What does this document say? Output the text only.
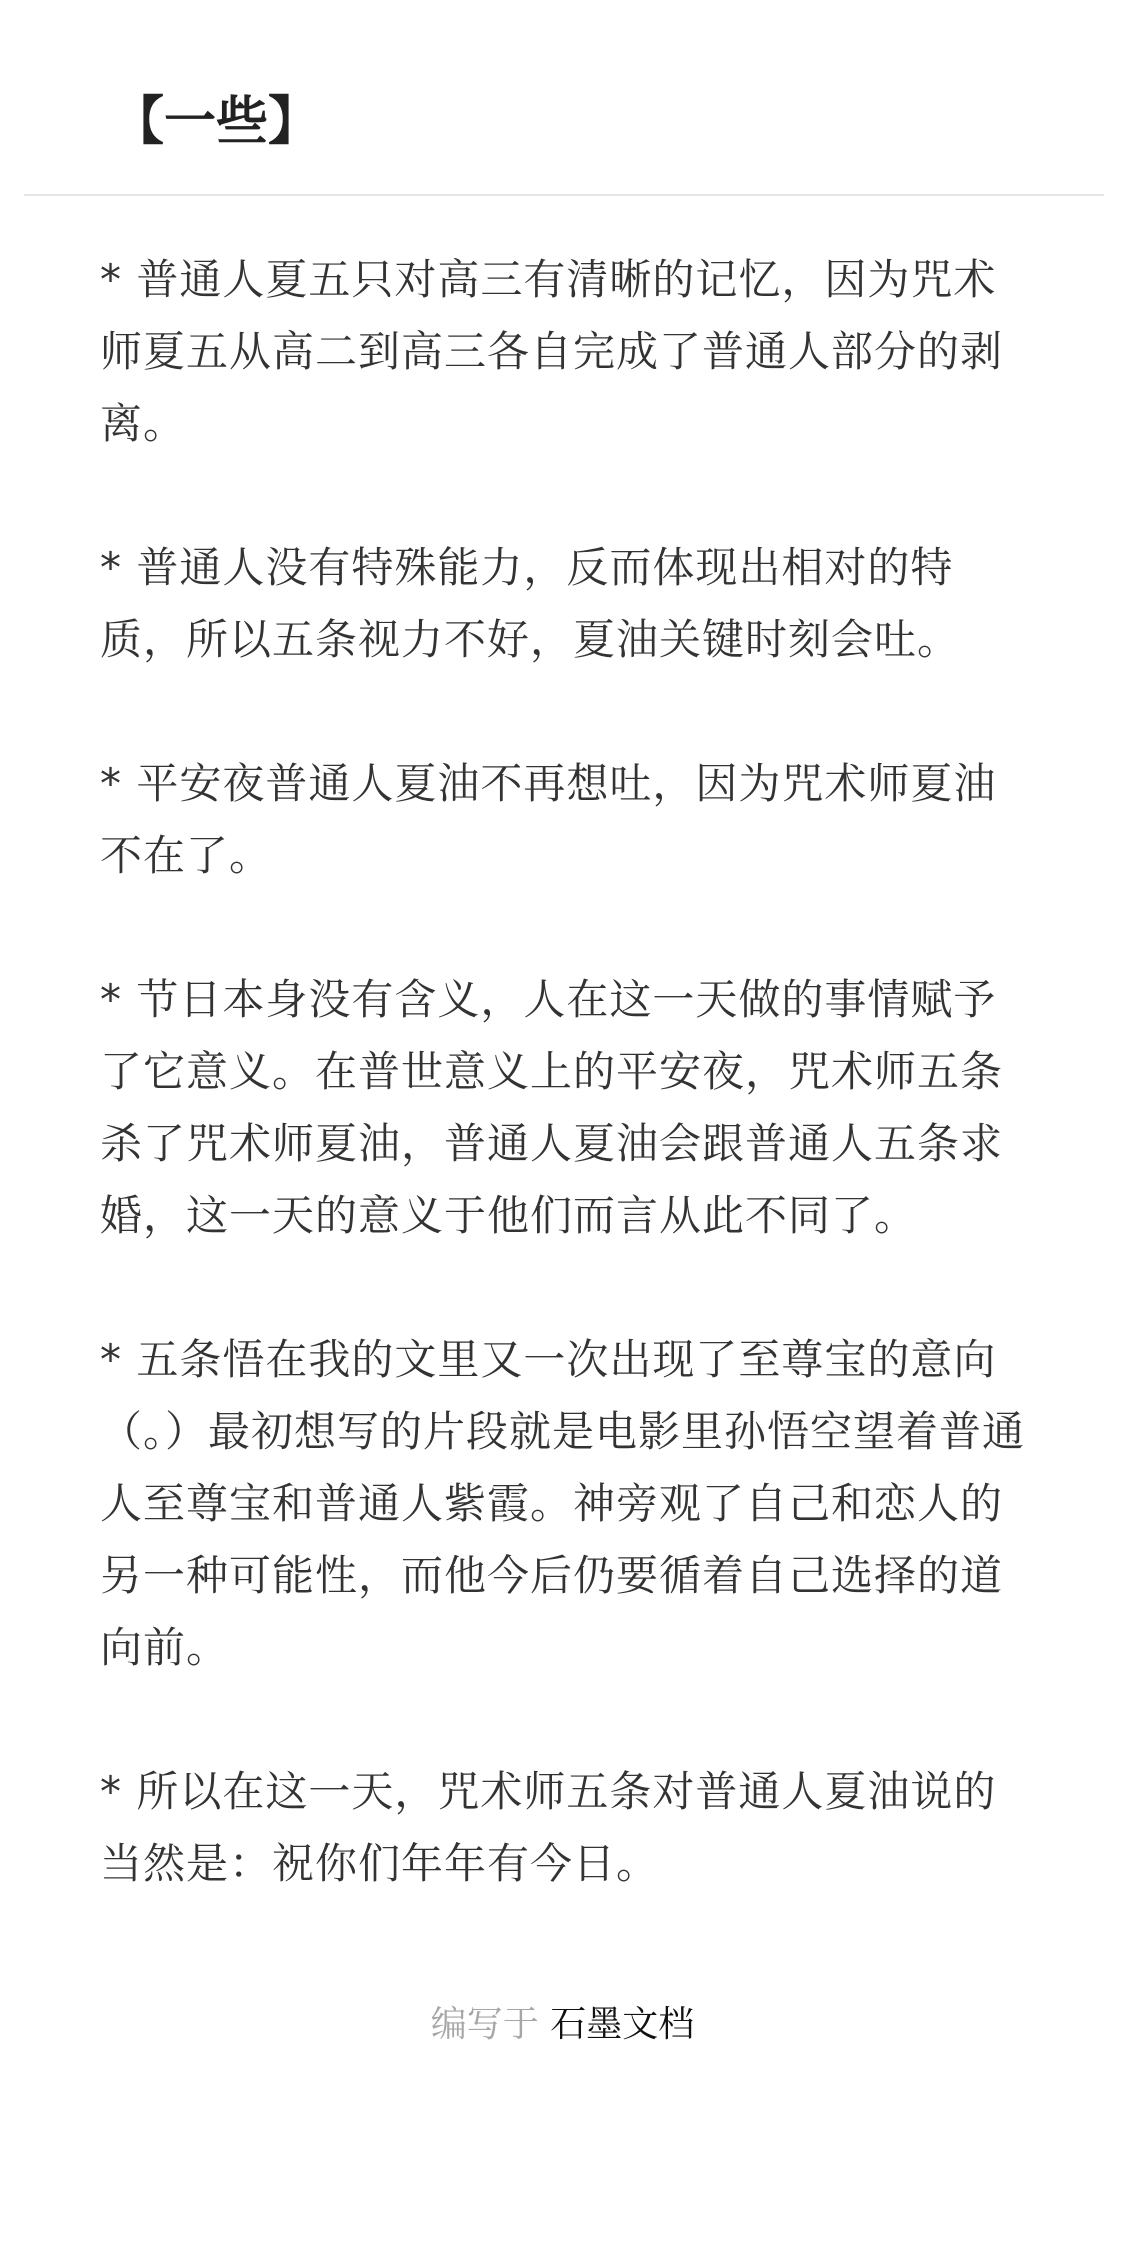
【一些】

* 普通人夏五只对高三有清晰的记忆，因为咒术师夏五从高二到高三各自完成了普通人部分的剥离。

* 普通人没有特殊能力，反而体现出相对的特质，所以五条视力不好，夏油关键时刻会吐。

* 平安夜普通人夏油不再想吐，因为咒术师夏油不在了。

* 节日本身没有含义，人在这一天做的事情赋予了它意义。在普世意义上的平安夜，咒术师五条杀了咒术师夏油，普通人夏油会跟普通人五条求婚，这一天的意义于他们而言从此不同了。

* 五条悟在我的文里又一次出现了至尊宝的意向（。）最初想写的片段就是电影里孙悟空望着普通人至尊宝和普通人紫霞。神旁观了自己和恋人的另一种可能性，而他今后仍要循着自己选择的道向前。

* 所以在这一天，咒术师五条对普通人夏油说的当然是：祝你们年年有今日。

编写于 石墨文档
